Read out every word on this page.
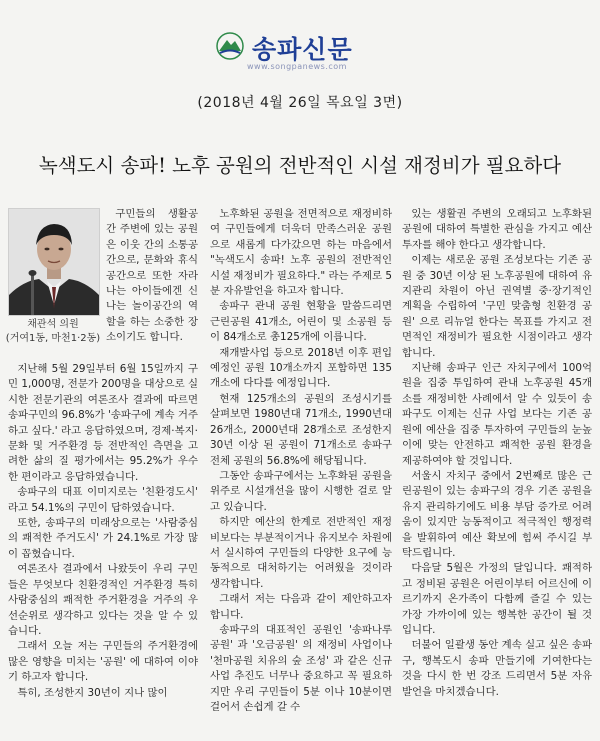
송파신문
www.songpanews.com
(2018년 4월 26일 목요일 3면)
녹색도시 송파! 노후 공원의 전반적인 시설 재정비가 필요하다
채관석 의원
(거여1동, 마천1·2동)

구민들의 생활공간 주변에 있는 공원은 이웃 간의 소통공간으로, 문화와 휴식공간으로 또한 자라나는 아이들에겐 신나는 놀이공간의 역할을 하는 소중한 장소이기도 합니다.

지난해 5월 29일부터 6월 15일까지 구민 1,000명, 전문가 200명을 대상으로 실시한 전문기관의 여론조사 결과에 따르면 송파구민의 96.8%가 '송파구에 계속 거주하고 싶다.' 라고 응답하였으며, 경제·복지·문화 및 거주환경 등 전반적인 측면을 고려한 삶의 질 평가에서는 95.2%가 우수한 편이라고 응답하였습니다.

송파구의 대표 이미지로는 '친환경도시' 라고 54.1%의 구민이 답하였습니다.

또한, 송파구의 미래상으로는 '사람중심의 쾌적한 주거도시' 가 24.1%로 가장 많이 꼽혔습니다.

여론조사 결과에서 나왔듯이 우리 구민들은 무엇보다 친환경적인 거주환경 특히 사람중심의 쾌적한 주거환경을 거주의 우선순위로 생각하고 있다는 것을 알 수 있습니다.

그래서 오늘 저는 구민들의 주거환경에 많은 영향을 미치는 '공원' 에 대하여 이야기 하고자 합니다.

특히, 조성한지 30년이 지나 많이

노후화된 공원을 전면적으로 재정비하여 구민들에게 더욱더 만족스러운 공원으로 새롭게 다가갔으면 하는 마음에서 "녹색도시 송파! 노후 공원의 전반적인 시설 재정비가 필요하다." 라는 주제로 5분 자유발언을 하고자 합니다.

송파구 관내 공원 현황을 말씀드리면 근린공원 41개소, 어린이 및 소공원 등이 84개소로 총125개에 이릅니다.

재개발사업 등으로 2018년 이후 편입 예정인 공원 10개소까지 포함하면 135개소에 다다를 예정입니다.

현재 125개소의 공원의 조성시기를 살펴보면 1980년대 71개소, 1990년대 26개소, 2000년대 28개소로 조성한지 30년 이상 된 공원이 71개소로 송파구 전체 공원의 56.8%에 해당됩니다.

그동안 송파구에서는 노후화된 공원을 위주로 시설개선을 많이 시행한 걸로 알고 있습니다.

하지만 예산의 한계로 전반적인 재정비보다는 부분적이거나 유지보수 차원에서 실시하여 구민들의 다양한 요구에 능동적으로 대처하기는 어려웠을 것이라 생각합니다.

그래서 저는 다음과 같이 제안하고자 합니다.

송파구의 대표적인 공원인 '송파나루공원' 과 '오금공원' 의 재정비 사업이나 '천마공원 치유의 숲 조성' 과 같은 신규 사업 추진도 너무나 중요하고 꼭 필요하지만 우리 구민들이 5분 이나 10분이면 걸어서 손쉽게 갈 수

있는 생활권 주변의 오래되고 노후화된 공원에 대하여 특별한 관심을 가지고 예산 투자를 해야 한다고 생각합니다.

이제는 새로운 공원 조성보다는 기존 공원 중 30년 이상 된 노후공원에 대하여 유지관리 차원이 아닌 권역별 중·장기적인 계획을 수립하여 '구민 맞춤형 친환경 공원' 으로 리뉴얼 한다는 목표를 가지고 전면적인 재정비가 필요한 시점이라고 생각합니다.

지난해 송파구 인근 자치구에서 100억 원을 집중 투입하여 관내 노후공원 45개소를 재정비한 사례에서 알 수 있듯이 송파구도 이제는 신규 사업 보다는 기존 공원에 예산을 집중 투자하여 구민들의 눈높이에 맞는 안전하고 쾌적한 공원 환경을 제공하여야 할 것입니다.

서울시 자치구 중에서 2번째로 많은 근린공원이 있는 송파구의 경우 기존 공원을 유지 관리하기에도 비용 부담 증가로 어려움이 있지만 능동적이고 적극적인 행정력을 발휘하여 예산 확보에 힘써 주시길 부탁드립니다.

다음달 5월은 가정의 달입니다. 쾌적하고 정비된 공원은 어린이부터 어르신에 이르기까지 온가족이 다함께 즐길 수 있는 가장 가까이에 있는 행복한 공간이 될 것입니다.

더불어 일괄생 동안 계속 실고 싶은 송파구, 행복도시 송파 만들기에 기여한다는 것을 다시 한 번 강조 드리면서 5분 자유발언을 마치겠습니다.
